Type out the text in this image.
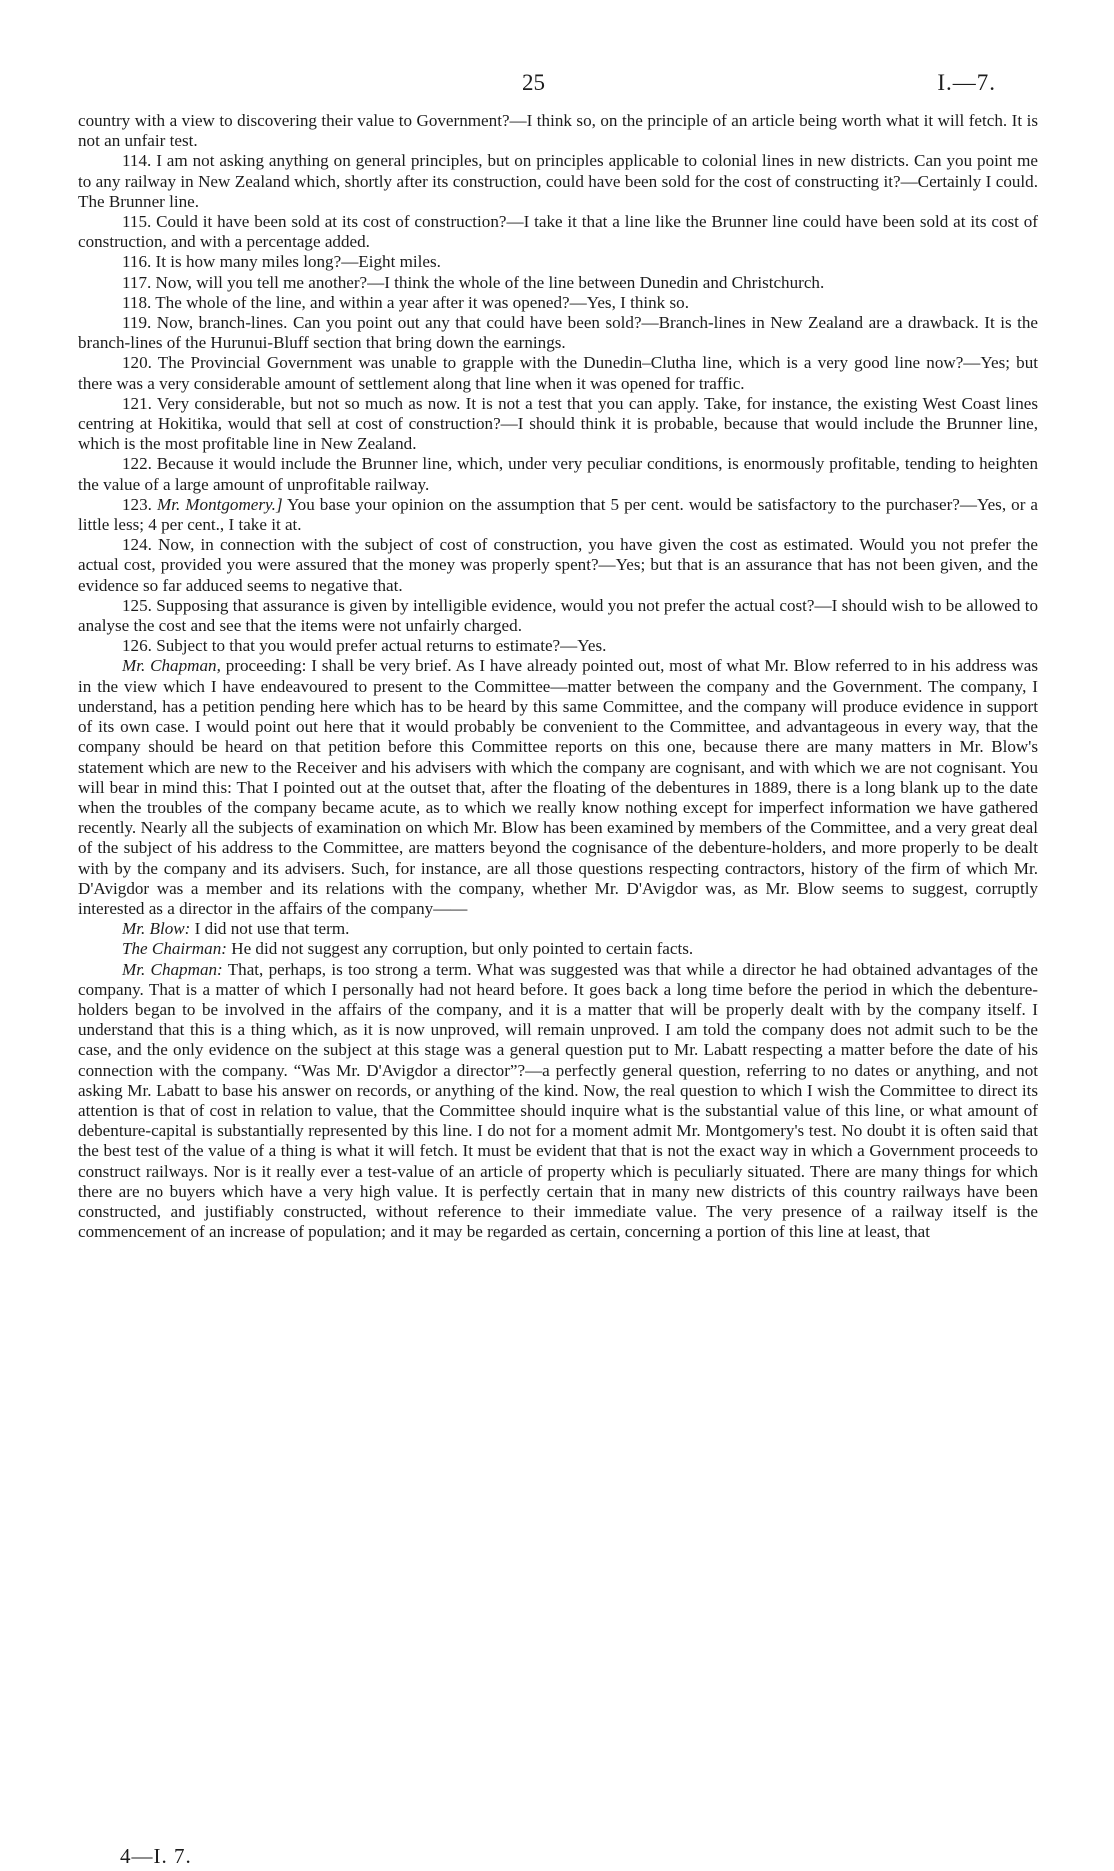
25	I.—7.

country with a view to discovering their value to Government?—I think so, on the principle of an article being worth what it will fetch. It is not an unfair test.

114. I am not asking anything on general principles, but on principles applicable to colonial lines in new districts. Can you point me to any railway in New Zealand which, shortly after its construction, could have been sold for the cost of constructing it?—Certainly I could. The Brunner line.

115. Could it have been sold at its cost of construction?—I take it that a line like the Brunner line could have been sold at its cost of construction, and with a percentage added.

116. It is how many miles long?—Eight miles.

117. Now, will you tell me another?—I think the whole of the line between Dunedin and Christchurch.

118. The whole of the line, and within a year after it was opened?—Yes, I think so.

119. Now, branch-lines. Can you point out any that could have been sold?—Branch-lines in New Zealand are a drawback. It is the branch-lines of the Hurunui-Bluff section that bring down the earnings.

120. The Provincial Government was unable to grapple with the Dunedin–Clutha line, which is a very good line now?—Yes; but there was a very considerable amount of settlement along that line when it was opened for traffic.

121. Very considerable, but not so much as now. It is not a test that you can apply. Take, for instance, the existing West Coast lines centring at Hokitika, would that sell at cost of construction?—I should think it is probable, because that would include the Brunner line, which is the most profitable line in New Zealand.

122. Because it would include the Brunner line, which, under very peculiar conditions, is enormously profitable, tending to heighten the value of a large amount of unprofitable railway.

123. Mr. Montgomery.] You base your opinion on the assumption that 5 per cent. would be satisfactory to the purchaser?—Yes, or a little less; 4 per cent., I take it at.

124. Now, in connection with the subject of cost of construction, you have given the cost as estimated. Would you not prefer the actual cost, provided you were assured that the money was properly spent?—Yes; but that is an assurance that has not been given, and the evidence so far adduced seems to negative that.

125. Supposing that assurance is given by intelligible evidence, would you not prefer the actual cost?—I should wish to be allowed to analyse the cost and see that the items were not unfairly charged.

126. Subject to that you would prefer actual returns to estimate?—Yes.

Mr. Chapman, proceeding: I shall be very brief. As I have already pointed out, most of what Mr. Blow referred to in his address was in the view which I have endeavoured to present to the Committee—matter between the company and the Government. The company, I understand, has a petition pending here which has to be heard by this same Committee, and the company will produce evidence in support of its own case. I would point out here that it would probably be convenient to the Committee, and advantageous in every way, that the company should be heard on that petition before this Committee reports on this one, because there are many matters in Mr. Blow's statement which are new to the Receiver and his advisers with which the company are cognisant, and with which we are not cognisant. You will bear in mind this: That I pointed out at the outset that, after the floating of the debentures in 1889, there is a long blank up to the date when the troubles of the company became acute, as to which we really know nothing except for imperfect information we have gathered recently. Nearly all the subjects of examination on which Mr. Blow has been examined by members of the Committee, and a very great deal of the subject of his address to the Committee, are matters beyond the cognisance of the debenture-holders, and more properly to be dealt with by the company and its advisers. Such, for instance, are all those questions respecting contractors, history of the firm of which Mr. D'Avigdor was a member and its relations with the company, whether Mr. D'Avigdor was, as Mr. Blow seems to suggest, corruptly interested as a director in the affairs of the company——

Mr. Blow: I did not use that term.

The Chairman: He did not suggest any corruption, but only pointed to certain facts.

Mr. Chapman: That, perhaps, is too strong a term. What was suggested was that while a director he had obtained advantages of the company. That is a matter of which I personally had not heard before. It goes back a long time before the period in which the debenture-holders began to be involved in the affairs of the company, and it is a matter that will be properly dealt with by the company itself. I understand that this is a thing which, as it is now unproved, will remain unproved. I am told the company does not admit such to be the case, and the only evidence on the subject at this stage was a general question put to Mr. Labatt respecting a matter before the date of his connection with the company. “Was Mr. D'Avigdor a director”?—a perfectly general question, referring to no dates or anything, and not asking Mr. Labatt to base his answer on records, or anything of the kind. Now, the real question to which I wish the Committee to direct its attention is that of cost in relation to value, that the Committee should inquire what is the substantial value of this line, or what amount of debenture-capital is substantially represented by this line. I do not for a moment admit Mr. Montgomery's test. No doubt it is often said that the best test of the value of a thing is what it will fetch. It must be evident that that is not the exact way in which a Government proceeds to construct railways. Nor is it really ever a test-value of an article of property which is peculiarly situated. There are many things for which there are no buyers which have a very high value. It is perfectly certain that in many new districts of this country railways have been constructed, and justifiably constructed, without reference to their immediate value. The very presence of a railway itself is the commencement of an increase of population; and it may be regarded as certain, concerning a portion of this line at least, that

4—I. 7.
